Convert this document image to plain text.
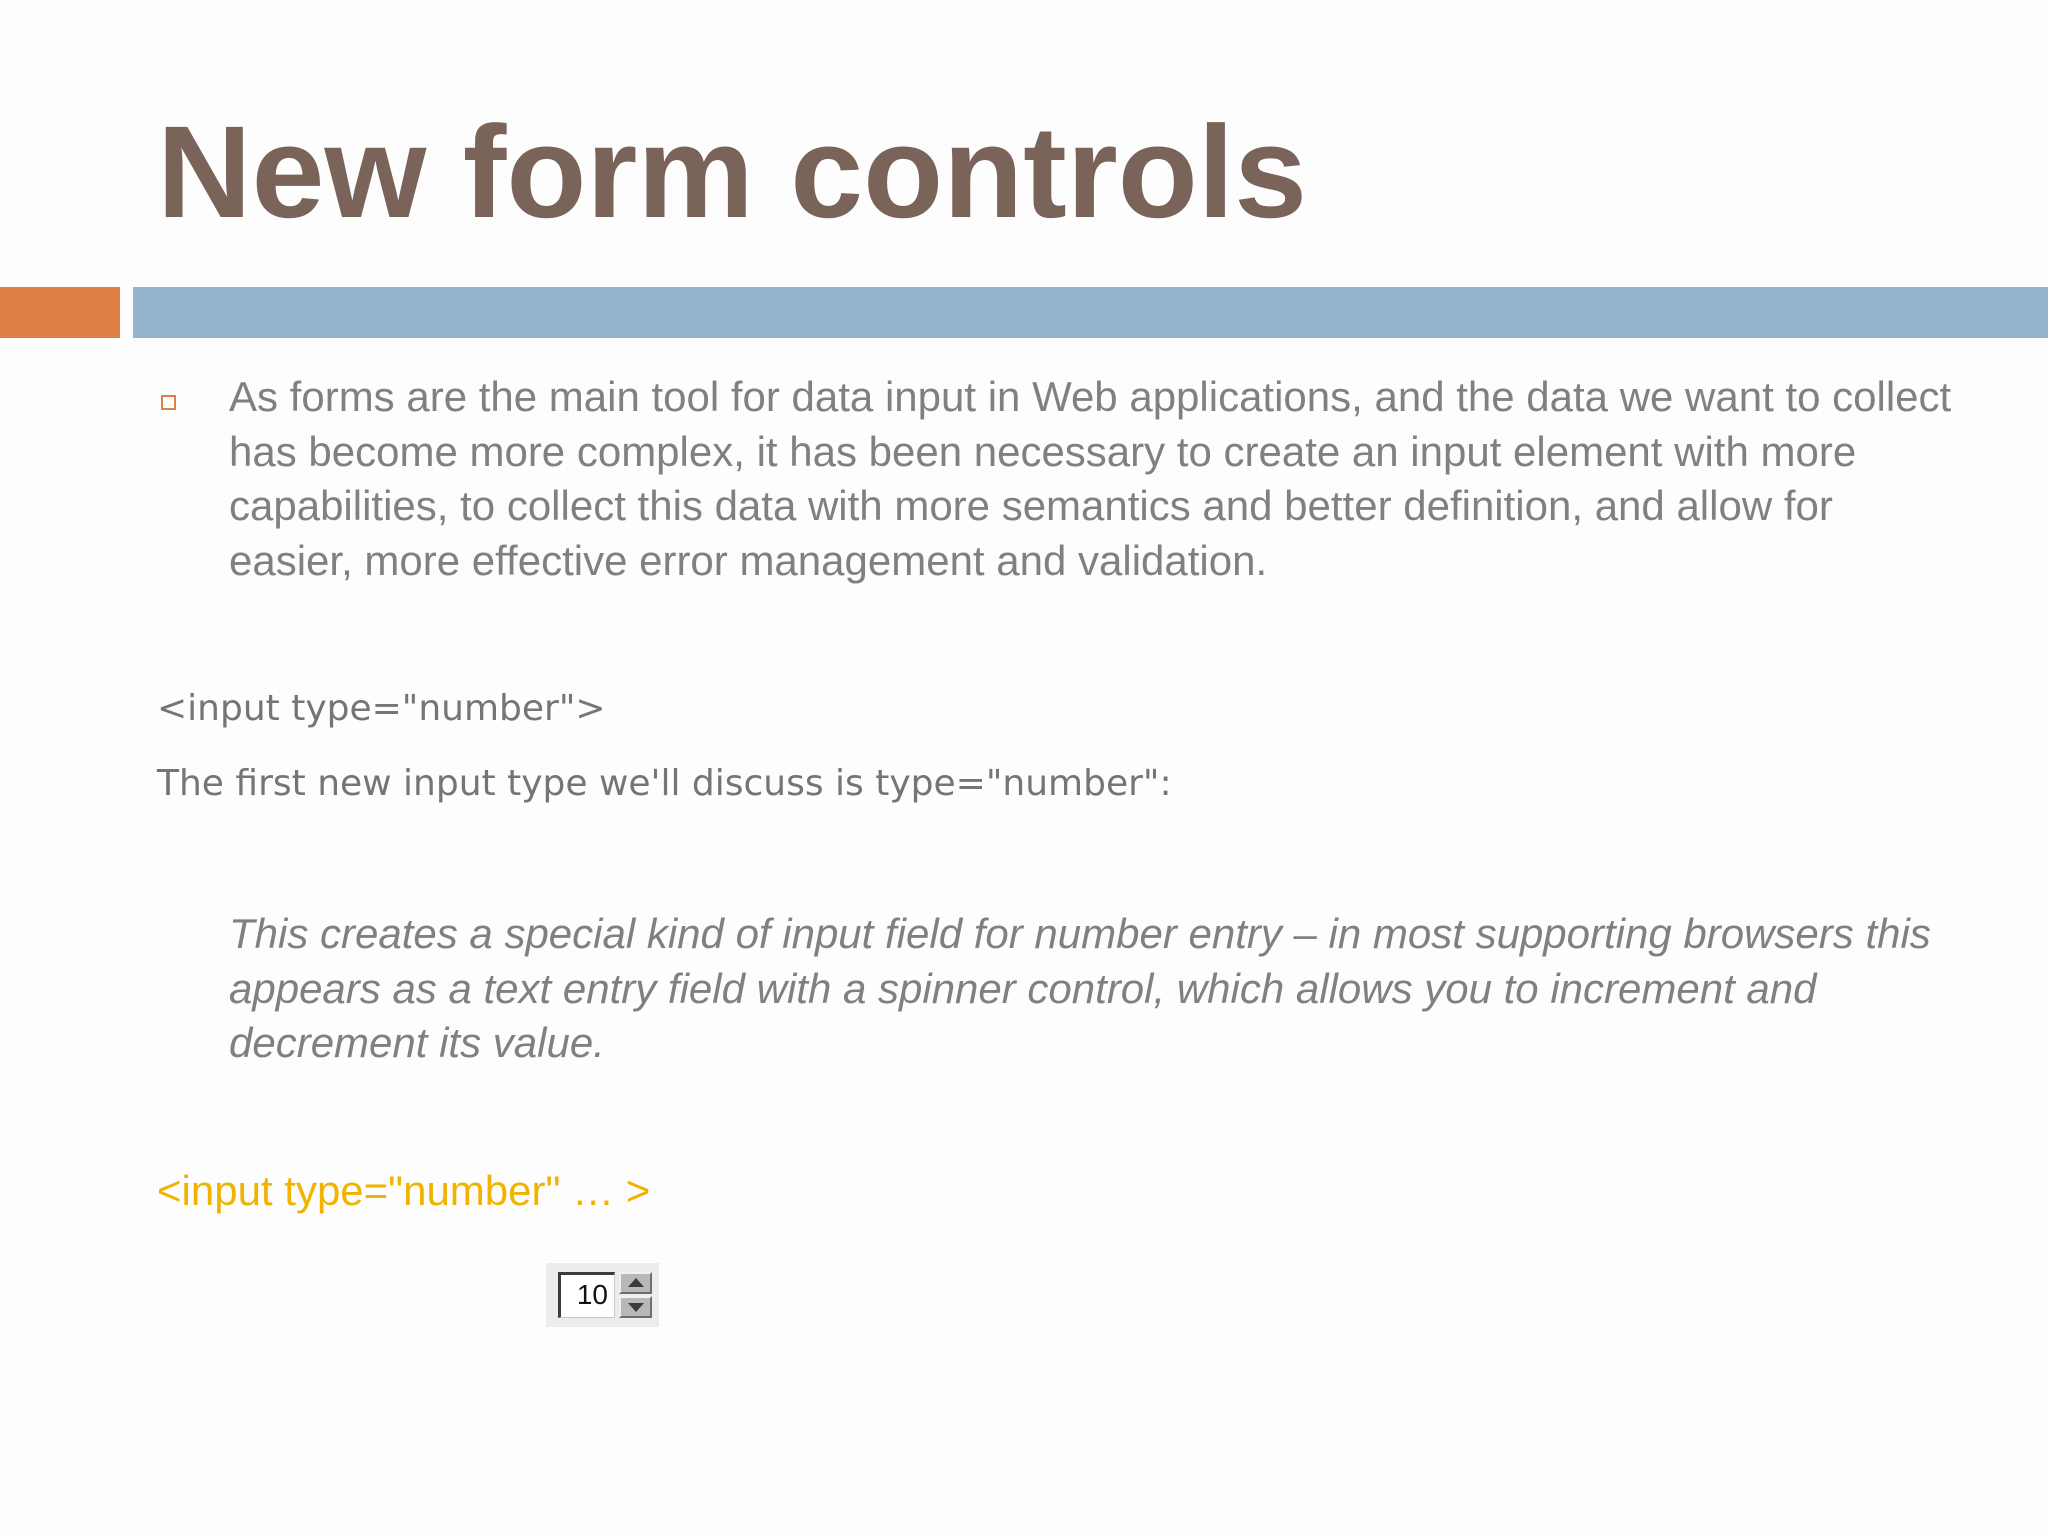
New form controls

As forms are the main tool for data input in Web applications, and the data we want to collect has become more complex, it has been necessary to create an input element with more capabilities, to collect this data with more semantics and better definition, and allow for easier, more effective error management and validation.

<input type="number">

The first new input type we'll discuss is type="number":

This creates a special kind of input field for number entry – in most supporting browsers this appears as a text entry field with a spinner control, which allows you to increment and decrement its value.

<input type="number" … >

10
